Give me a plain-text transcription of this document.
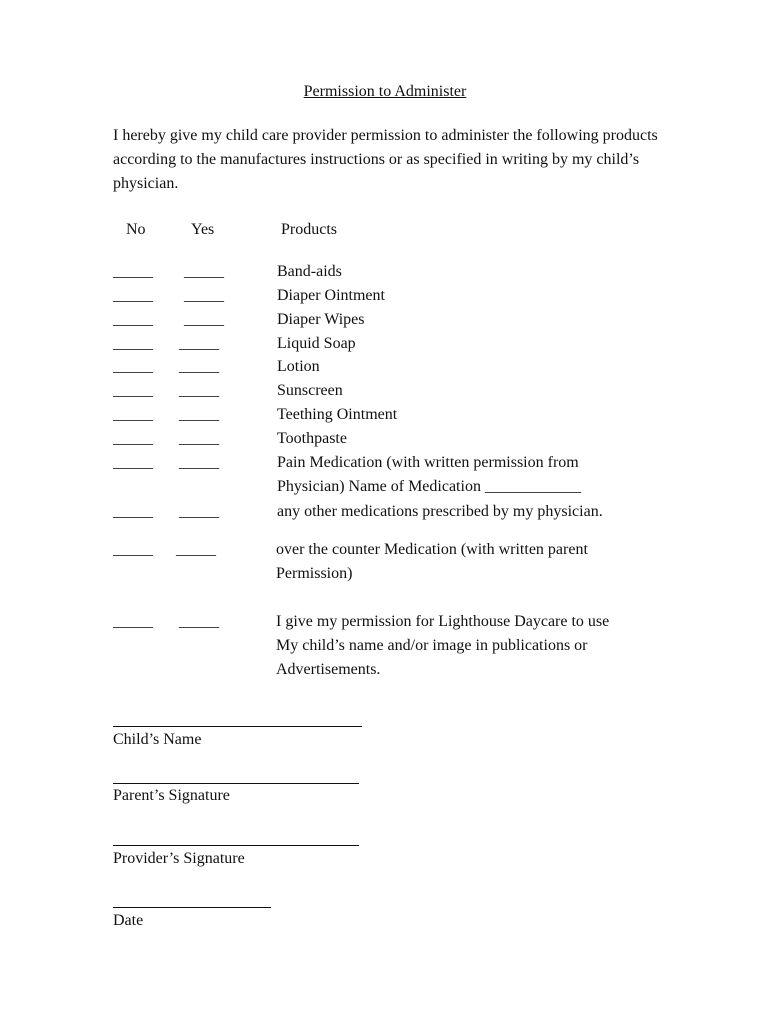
Permission to Administer
I hereby give my child care provider permission to administer the following products according to the manufactures instructions or as specified in writing by my child’s physician.
No	Yes	Products
_____ _____	Band-aids
_____ _____	Diaper Ointment
_____ _____	Diaper Wipes
_____ _____	Liquid Soap
_____ _____	Lotion
_____ _____	Sunscreen
_____ _____	Teething Ointment
_____ _____	Toothpaste
_____ _____	Pain Medication (with written permission from
Physician) Name of Medication ____________
_____ _____	any other medications prescribed by my physician.
_____ _____	over the counter Medication (with written parent
Permission)
_____ _____	I give my permission for Lighthouse Daycare to use
My child’s name and/or image in publications or
Advertisements.
Child’s Name
Parent’s Signature
Provider’s Signature
Date
